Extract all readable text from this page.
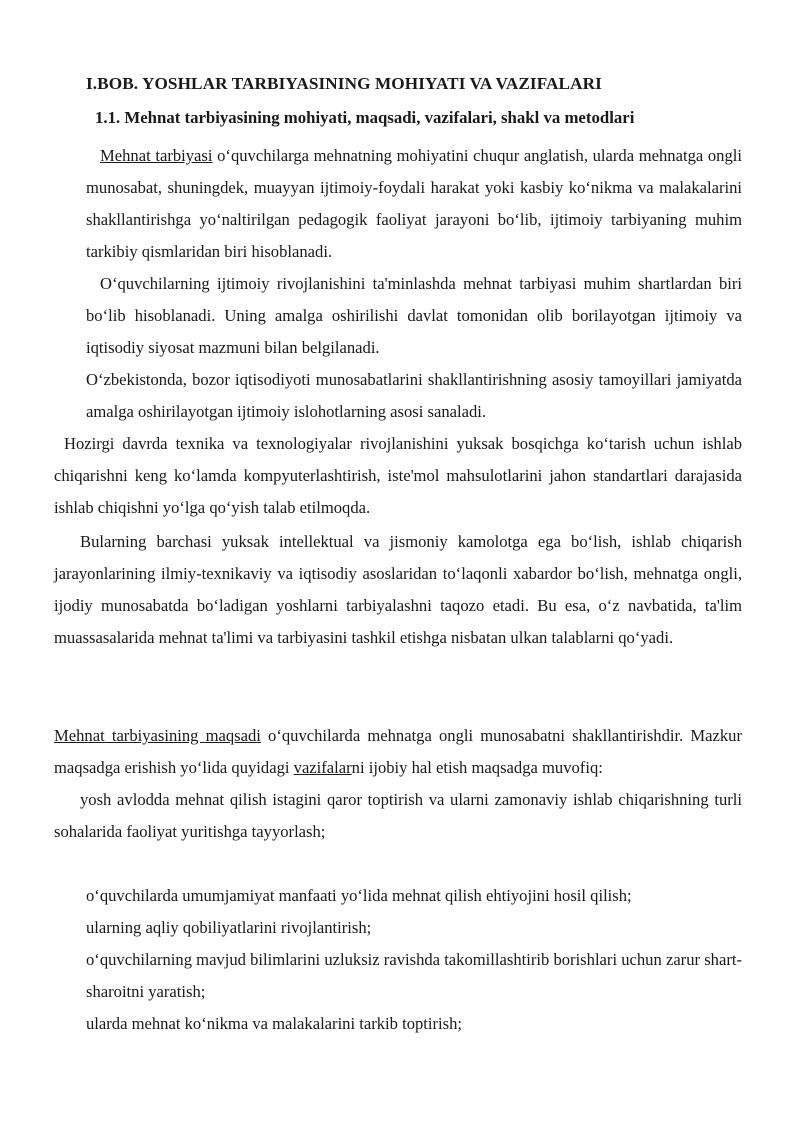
I.BOB. YOSHLAR TARBIYASINING MOHIYATI VA VAZIFALARI
1.1. Mehnat tarbiyasining mohiyati, maqsadi, vazifalari, shakl va metodlari

Mehnat tarbiyasi oʻquvchilarga mehnatning mohiyatini chuqur anglatish, ularda mehnatga ongli munosabat, shuningdek, muayyan ijtimoiy-foydali harakat yoki kasbiy koʻnikma va malakalarini shakllantirishga yoʻnaltirilgan pedagogik faoliyat jarayoni boʻlib, ijtimoiy tarbiyaning muhim tarkibiy qismlaridan biri hisoblanadi.

Oʻquvchilarning ijtimoiy rivojlanishini ta'minlashda mehnat tarbiyasi muhim shartlardan biri boʻlib hisoblanadi. Uning amalga oshirilishi davlat tomonidan olib borilayotgan ijtimoiy va iqtisodiy siyosat mazmuni bilan belgilanadi.

Oʻzbekistonda, bozor iqtisodiyoti munosabatlarini shakllantirishning asosiy tamoyillari jamiyatda amalga oshirilayotgan ijtimoiy islohotlarning asosi sanaladi.

Hozirgi davrda texnika va texnologiyalar rivojlanishini yuksak bosqichga koʻtarish uchun ishlab chiqarishni keng koʻlamda kompyuterlashtirish, iste'mol mahsulotlarini jahon standartlari darajasida ishlab chiqishni yoʻlga qoʻyish talab etilmoqda.

Bularning barchasi yuksak intellektual va jismoniy kamolotga ega boʻlish, ishlab chiqarish jarayonlarining ilmiy-texnikaviy va iqtisodiy asoslaridan toʻlaqonli xabardor boʻlish, mehnatga ongli, ijodiy munosabatda boʻladigan yoshlarni tarbiyalashni taqozo etadi. Bu esa, oʻz navbatida, ta'lim muassasalarida mehnat ta'limi va tarbiyasini tashkil etishga nisbatan ulkan talablarni qoʻyadi.

Mehnat tarbiyasining maqsadi oʻquvchilarda mehnatga ongli munosabatni shakllantirishdir. Mazkur maqsadga erishish yoʻlida quyidagi vazifalarni ijobiy hal etish maqsadga muvofiq:

yosh avlodda mehnat qilish istagini qaror toptirish va ularni zamonaviy ishlab chiqarishning turli sohalarida faoliyat yuritishga tayyorlash;

oʻquvchilarda umumjamiyat manfaati yoʻlida mehnat qilish ehtiyojini hosil qilish;

ularning aqliy qobiliyatlarini rivojlantirish;

oʻquvchilarning mavjud bilimlarini uzluksiz ravishda takomillashtirib borishlari uchun zarur shart-sharoitni yaratish;

ularda mehnat koʻnikma va malakalarini tarkib toptirish;
